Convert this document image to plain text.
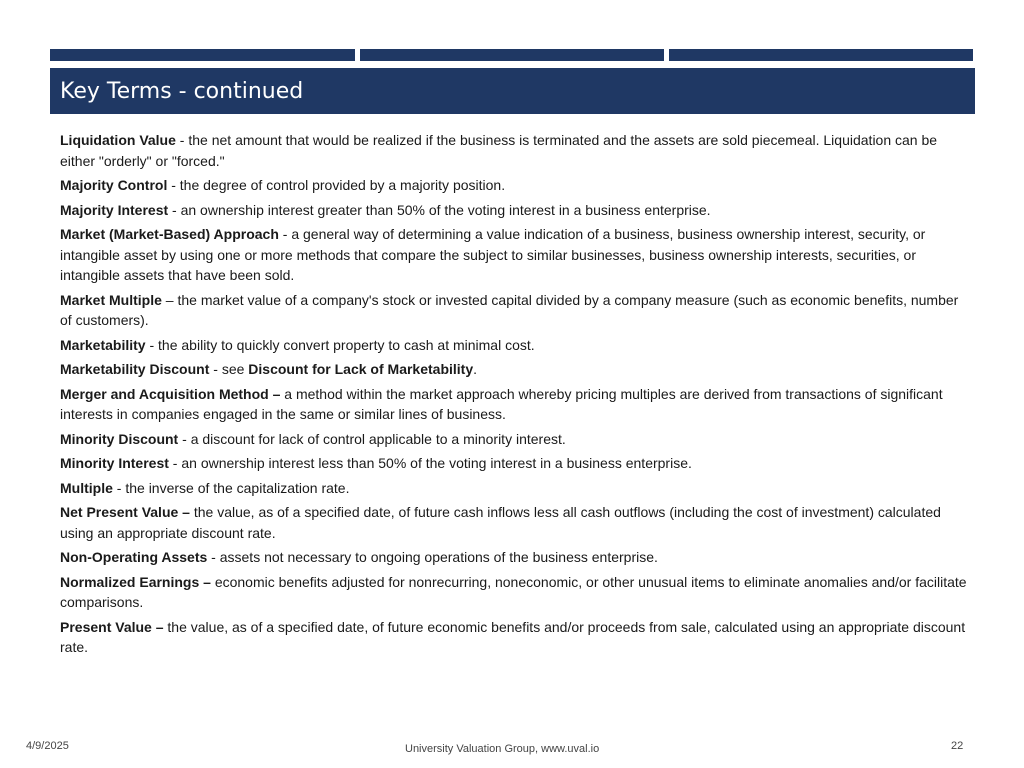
Key Terms - continued

Liquidation Value - the net amount that would be realized if the business is terminated and the assets are sold piecemeal. Liquidation can be either "orderly" or "forced."

Majority Control - the degree of control provided by a majority position.

Majority Interest - an ownership interest greater than 50% of the voting interest in a business enterprise.

Market (Market-Based) Approach - a general way of determining a value indication of a business, business ownership interest, security, or intangible asset by using one or more methods that compare the subject to similar businesses, business ownership interests, securities, or intangible assets that have been sold.

Market Multiple – the market value of a company's stock or invested capital divided by a company measure (such as economic benefits, number of customers).

Marketability - the ability to quickly convert property to cash at minimal cost.

Marketability Discount - see Discount for Lack of Marketability.

Merger and Acquisition Method – a method within the market approach whereby pricing multiples are derived from transactions of significant interests in companies engaged in the same or similar lines of business.

Minority Discount - a discount for lack of control applicable to a minority interest.

Minority Interest - an ownership interest less than 50% of the voting interest in a business enterprise.

Multiple - the inverse of the capitalization rate.

Net Present Value – the value, as of a specified date, of future cash inflows less all cash outflows (including the cost of investment) calculated using an appropriate discount rate.

Non-Operating Assets - assets not necessary to ongoing operations of the business enterprise.

Normalized Earnings – economic benefits adjusted for nonrecurring, noneconomic, or other unusual items to eliminate anomalies and/or facilitate comparisons.

Present Value – the value, as of a specified date, of future economic benefits and/or proceeds from sale, calculated using an appropriate discount rate.

4/9/2025	University Valuation Group, www.uval.io	22
